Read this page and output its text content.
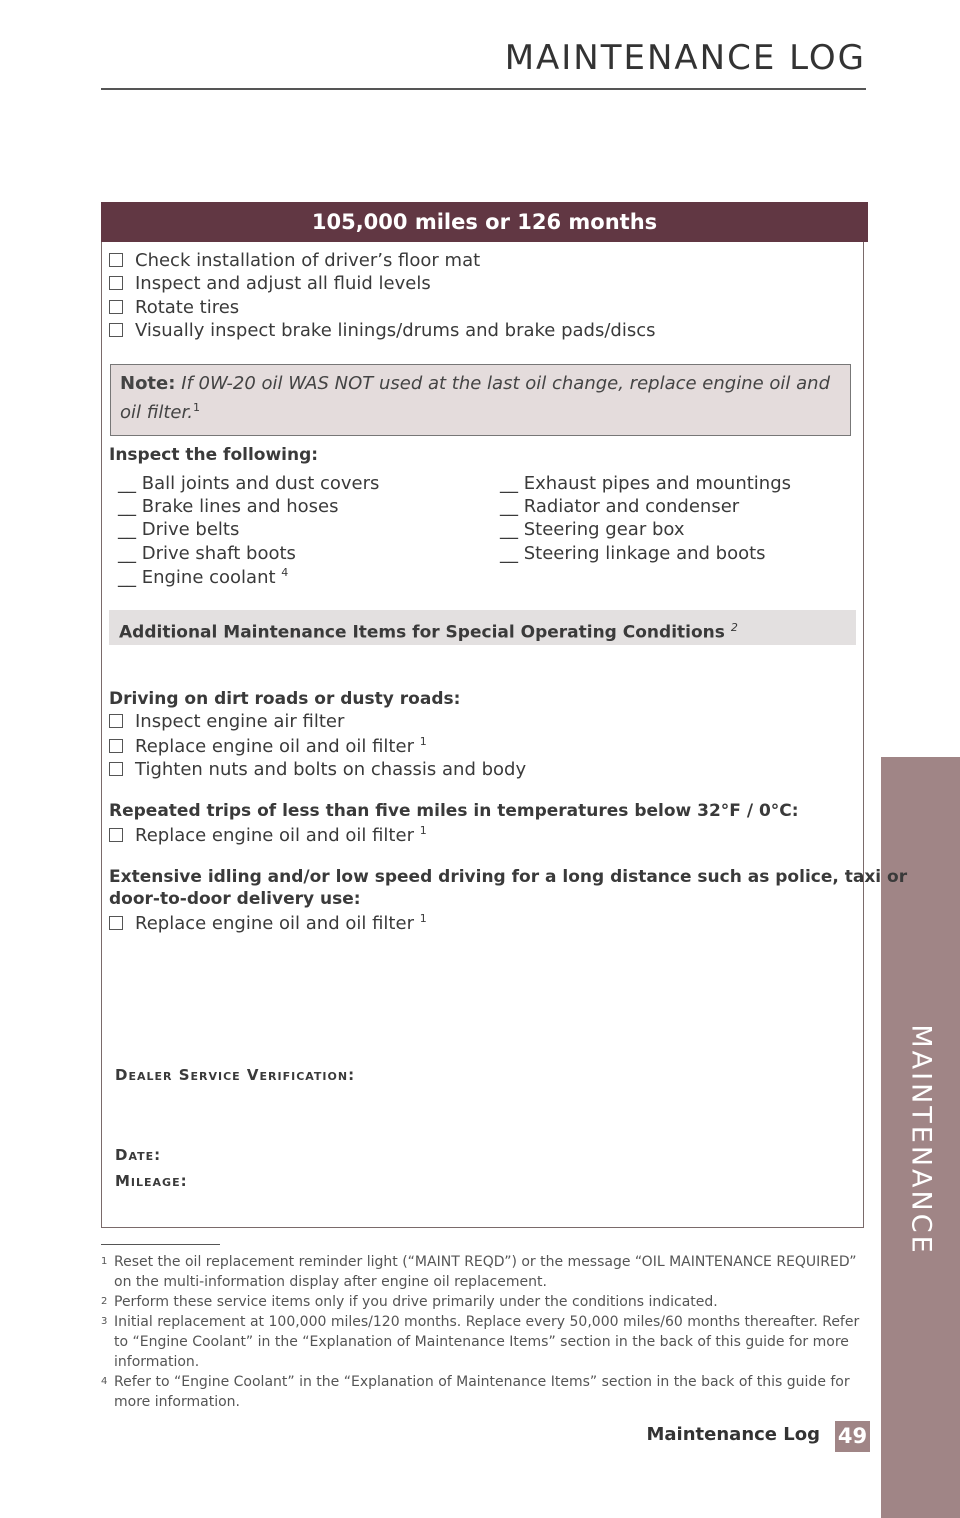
MAINTENANCE LOG
MAINTENANCE
105,000 miles or 126 months
Check installation of driver’s floor mat
Inspect and adjust all fluid levels
Rotate tires
Visually inspect brake linings/drums and brake pads/discs
Note: If 0W-20 oil WAS NOT used at the last oil change, replace engine oil and oil filter.$^1$
Inspect the following:
__ Ball joints and dust covers
__ Brake lines and hoses
__ Drive belts
__ Drive shaft boots
__ Engine coolant $^4$
__ Exhaust pipes and mountings
__ Radiator and condenser
__ Steering gear box
__ Steering linkage and boots
Additional Maintenance Items for Special Operating Conditions $^2$
Driving on dirt roads or dusty roads:
Inspect engine air filter
Replace engine oil and oil filter $^1$
Tighten nuts and bolts on chassis and body
Repeated trips of less than five miles in temperatures below 32°F / 0°C:
Replace engine oil and oil filter $^1$
Extensive idling and/or low speed driving for a long distance such as police, taxi or
door-to-door delivery use:
Replace engine oil and oil filter $^1$
Dealer Service Verification:
Date:
Mileage:
1 Reset the oil replacement reminder light (“MAINT REQD”) or the message “OIL MAINTENANCE REQUIRED” on the multi-information display after engine oil replacement.
2 Perform these service items only if you drive primarily under the conditions indicated.
3 Initial replacement at 100,000 miles/120 months. Replace every 50,000 miles/60 months thereafter. Refer to “Engine Coolant” in the “Explanation of Maintenance Items” section in the back of this guide for more information.
4 Refer to “Engine Coolant” in the “Explanation of Maintenance Items” section in the back of this guide for more information.
Maintenance Log 49
